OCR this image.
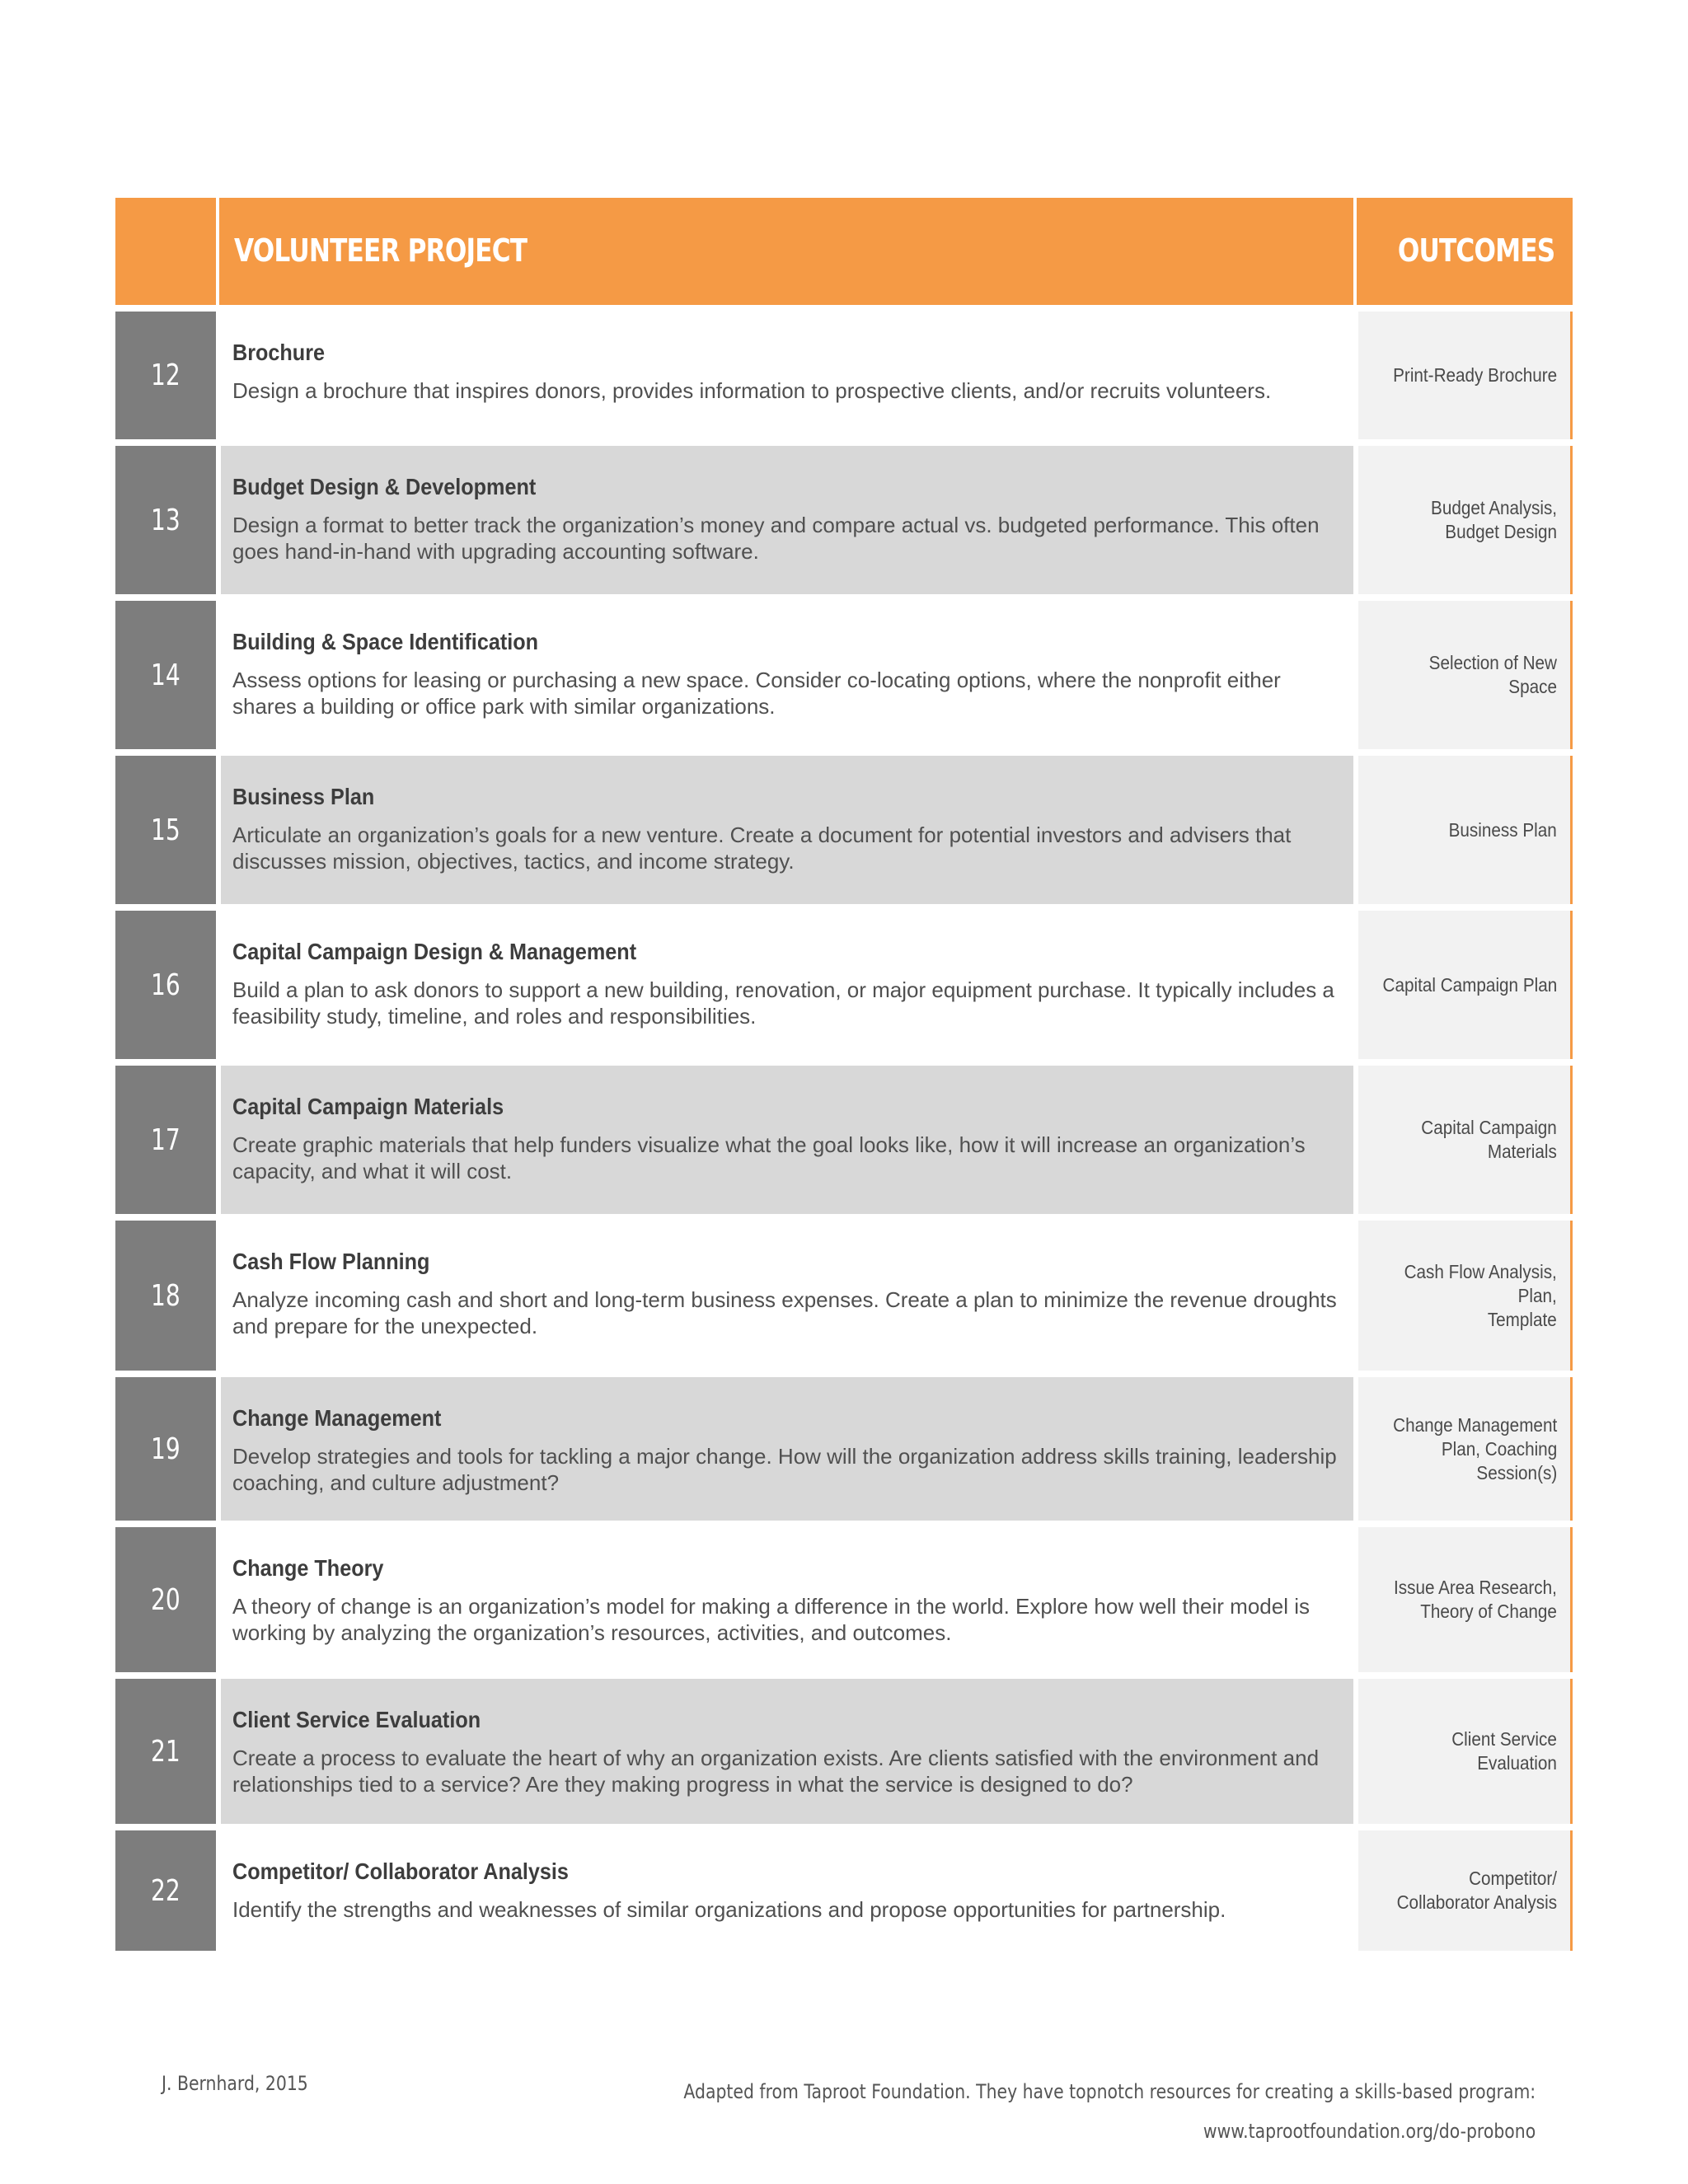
VOLUNTEER PROJECT	OUTCOMES
12
Brochure
Design a brochure that inspires donors, provides information to prospective clients, and/or recruits volunteers.
Print-Ready Brochure
13
Budget Design & Development
Design a format to better track the organization’s money and compare actual vs. budgeted performance. This often goes hand-in-hand with upgrading accounting software.
Budget Analysis,
Budget Design
14
Building & Space Identification
Assess options for leasing or purchasing a new space. Consider co-locating options, where the nonprofit either shares a building or office park with similar organizations.
Selection of New Space
15
Business Plan
Articulate an organization’s goals for a new venture. Create a document for potential investors and advisers that discusses mission, objectives, tactics, and income strategy.
Business Plan
16
Capital Campaign Design & Management
Build a plan to ask donors to support a new building, renovation, or major equipment purchase. It typically includes a feasibility study, timeline, and roles and responsibilities.
Capital Campaign Plan
17
Capital Campaign Materials
Create graphic materials that help funders visualize what the goal looks like, how it will increase an organization’s capacity, and what it will cost.
Capital Campaign
Materials
18
Cash Flow Planning
Analyze incoming cash and short and long-term business expenses. Create a plan to minimize the revenue droughts and prepare for the unexpected.
Cash Flow Analysis,
Plan,
Template
19
Change Management
Develop strategies and tools for tackling a major change. How will the organization address skills training, leadership coaching, and culture adjustment?
Change Management
Plan, Coaching
Session(s)
20
Change Theory
A theory of change is an organization’s model for making a difference in the world. Explore how well their model is working by analyzing the organization’s resources, activities, and outcomes.
Issue Area Research,
Theory of Change
21
Client Service Evaluation
Create a process to evaluate the heart of why an organization exists. Are clients satisfied with the environment and relationships tied to a service? Are they making progress in what the service is designed to do?
Client Service
Evaluation
22
Competitor/ Collaborator Analysis
Identify the strengths and weaknesses of similar organizations and propose opportunities for partnership.
Competitor/
Collaborator Analysis
J. Bernhard, 2015	Adapted from Taproot Foundation. They have topnotch resources for creating a skills-based program:
www.taprootfoundation.org/do-probono
